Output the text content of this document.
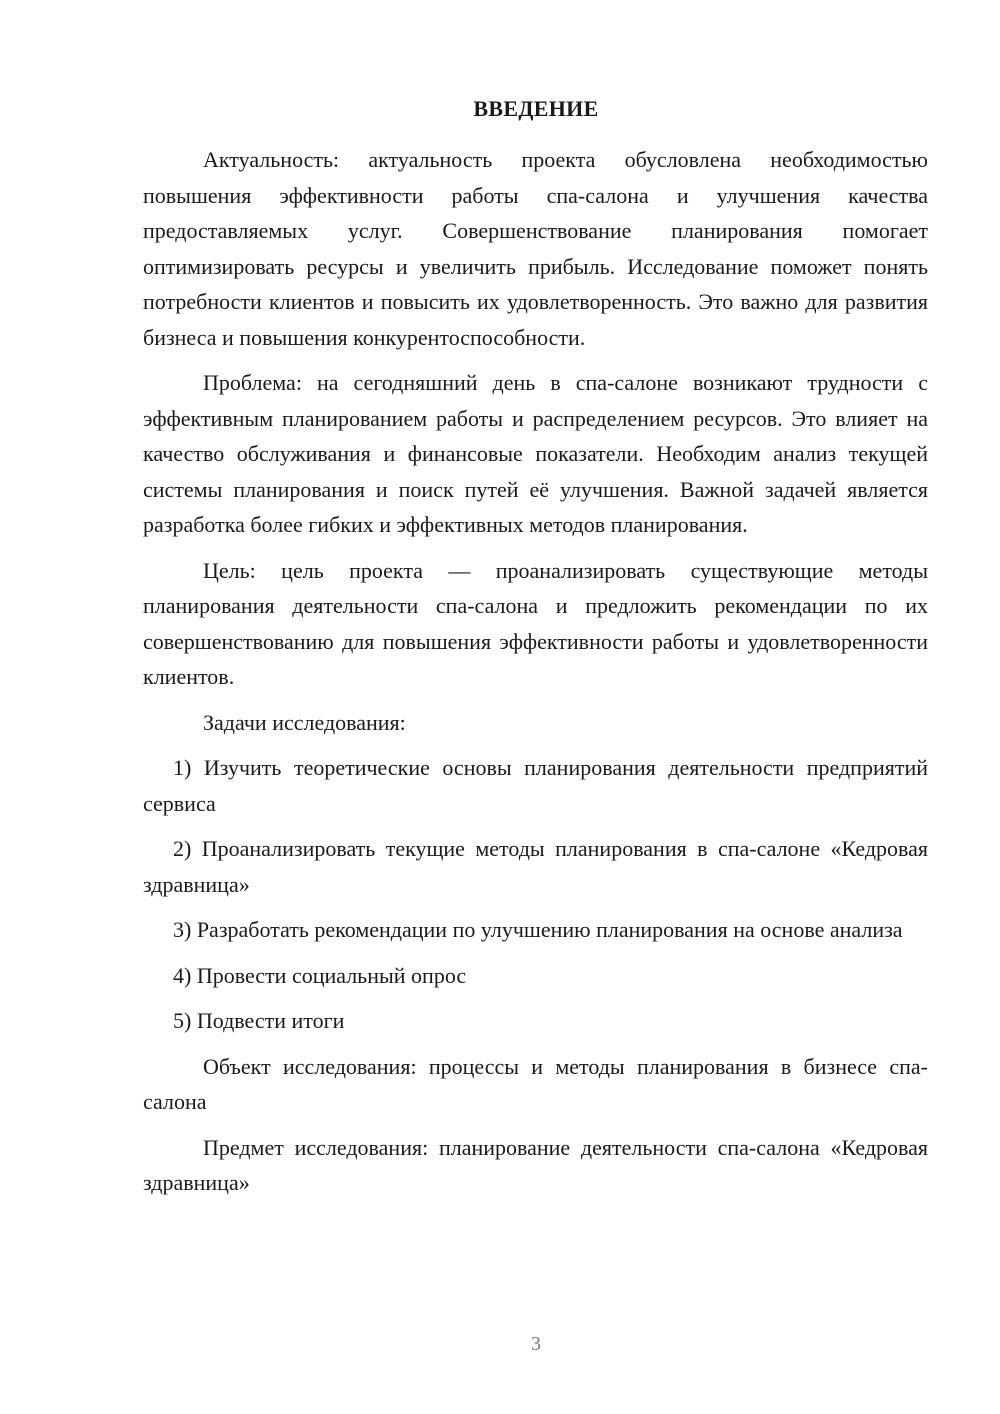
ВВЕДЕНИЕ

Актуальность: актуальность проекта обусловлена необходимостью повышения эффективности работы спа-салона и улучшения качества предоставляемых услуг. Совершенствование планирования помогает оптимизировать ресурсы и увеличить прибыль. Исследование поможет понять потребности клиентов и повысить их удовлетворенность. Это важно для развития бизнеса и повышения конкурентоспособности.

Проблема: на сегодняшний день в спа-салоне возникают трудности с эффективным планированием работы и распределением ресурсов. Это влияет на качество обслуживания и финансовые показатели. Необходим анализ текущей системы планирования и поиск путей её улучшения. Важной задачей является разработка более гибких и эффективных методов планирования.

Цель: цель проекта — проанализировать существующие методы планирования деятельности спа-салона и предложить рекомендации по их совершенствованию для повышения эффективности работы и удовлетворенности клиентов.

Задачи исследования:

1) Изучить теоретические основы планирования деятельности предприятий сервиса

2) Проанализировать текущие методы планирования в спа-салоне «Кедровая здравница»

3) Разработать рекомендации по улучшению планирования на основе анализа

4) Провести социальный опрос

5) Подвести итоги

Объект исследования: процессы и методы планирования в бизнесе спа-салона

Предмет исследования: планирование деятельности спа-салона «Кедровая здравница»

3
